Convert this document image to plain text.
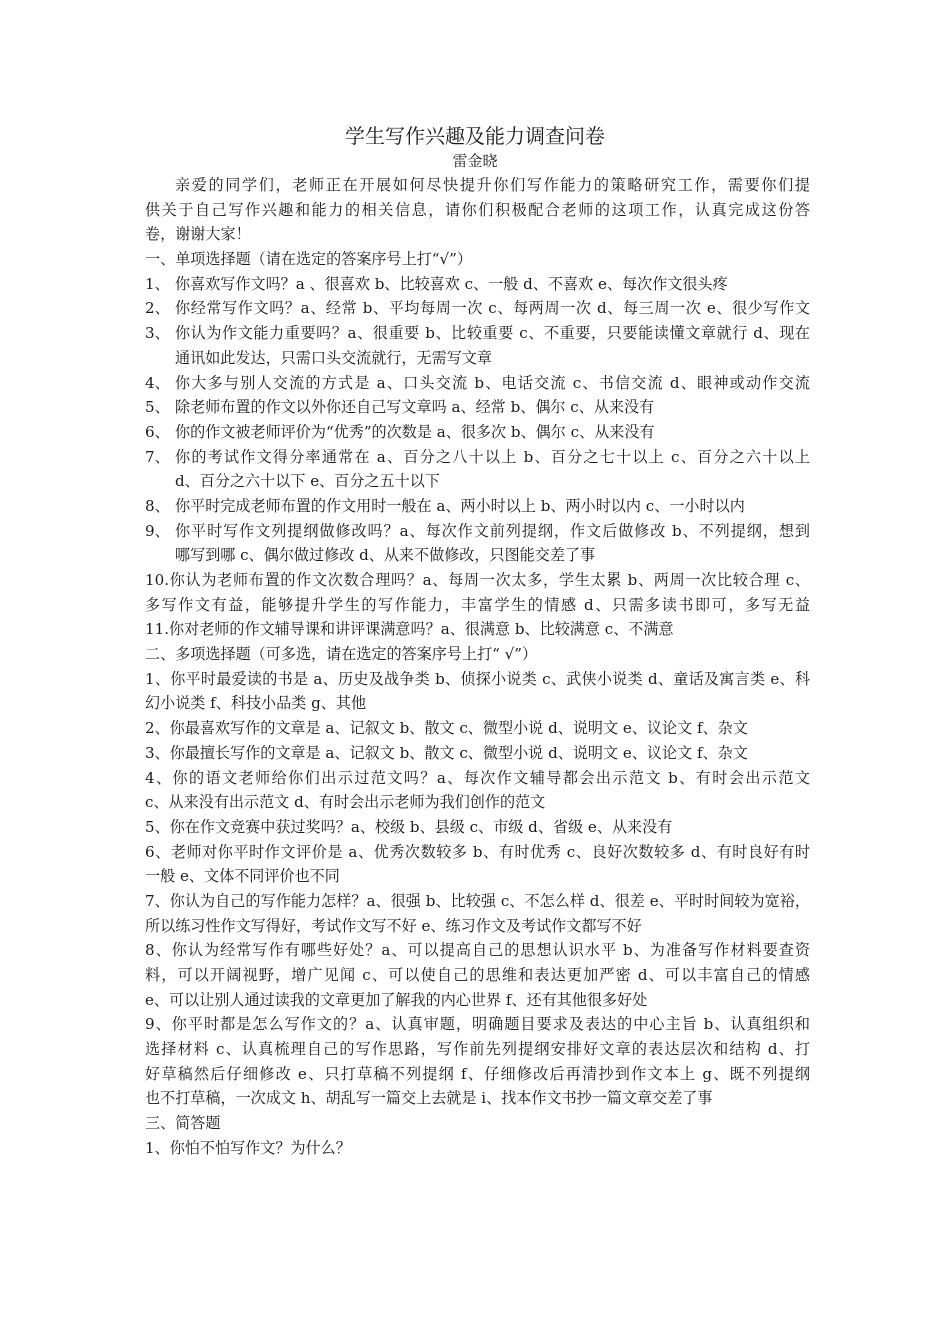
学生写作兴趣及能力调查问卷
雷金晓
亲爱的同学们，老师正在开展如何尽快提升你们写作能力的策略研究工作，需要你们提
供关于自己写作兴趣和能力的相关信息，请你们积极配合老师的这项工作，认真完成这份答
卷，谢谢大家！
一、单项选择题（请在选定的答案序号上打“√”）
1、 你喜欢写作文吗？a 、很喜欢 b、比较喜欢 c、一般 d、不喜欢 e、每次作文很头疼
2、 你经常写作文吗？a、经常 b、平均每周一次 c、每两周一次 d、每三周一次 e、很少写作文
3、 你认为作文能力重要吗？a、很重要 b、比较重要 c、不重要，只要能读懂文章就行 d、现在
通讯如此发达，只需口头交流就行，无需写文章
4、 你大多与别人交流的方式是 a、口头交流 b、电话交流 c、书信交流 d、眼神或动作交流
5、 除老师布置的作文以外你还自己写文章吗 a、经常 b、偶尔 c、从来没有
6、 你的作文被老师评价为“优秀”的次数是 a、很多次 b、偶尔 c、从来没有
7、 你的考试作文得分率通常在 a、百分之八十以上 b、百分之七十以上 c、百分之六十以上
d、百分之六十以下 e、百分之五十以下
8、 你平时完成老师布置的作文用时一般在 a、两小时以上 b、两小时以内 c、一小时以内
9、 你平时写作文列提纲做修改吗？a、每次作文前列提纲，作文后做修改 b、不列提纲，想到
哪写到哪 c、偶尔做过修改 d、从来不做修改，只图能交差了事
10.你认为老师布置的作文次数合理吗？a、每周一次太多，学生太累 b、两周一次比较合理 c、
多写作文有益，能够提升学生的写作能力，丰富学生的情感 d、只需多读书即可，多写无益
11.你对老师的作文辅导课和讲评课满意吗？a、很满意 b、比较满意 c、不满意
二、多项选择题（可多选，请在选定的答案序号上打“ √”）
1、你平时最爱读的书是 a、历史及战争类 b、侦探小说类 c、武侠小说类 d、童话及寓言类 e、科
幻小说类 f、科技小品类 g、其他
2、你最喜欢写作的文章是 a、记叙文 b、散文 c、微型小说 d、说明文 e、议论文 f、杂文
3、你最擅长写作的文章是 a、记叙文 b、散文 c、微型小说 d、说明文 e、议论文 f、杂文
4、你的语文老师给你们出示过范文吗？a、每次作文辅导都会出示范文 b、有时会出示范文
c、从来没有出示范文 d、有时会出示老师为我们创作的范文
5、你在作文竞赛中获过奖吗？a、校级 b、县级 c、市级 d、省级 e、从来没有
6、老师对你平时作文评价是 a、优秀次数较多 b、有时优秀 c、良好次数较多 d、有时良好有时
一般 e、文体不同评价也不同
7、你认为自己的写作能力怎样？a、很强 b、比较强 c、不怎么样 d、很差 e、平时时间较为宽裕，
所以练习性作文写得好，考试作文写不好 e、练习作文及考试作文都写不好
8、你认为经常写作有哪些好处？a、可以提高自己的思想认识水平 b、为准备写作材料要查资
料，可以开阔视野，增广见闻 c、可以使自己的思维和表达更加严密 d、可以丰富自己的情感
e、可以让别人通过读我的文章更加了解我的内心世界 f、还有其他很多好处
9、你平时都是怎么写作文的？a、认真审题，明确题目要求及表达的中心主旨 b、认真组织和
选择材料 c、认真梳理自己的写作思路，写作前先列提纲安排好文章的表达层次和结构 d、打
好草稿然后仔细修改 e、只打草稿不列提纲 f、仔细修改后再清抄到作文本上 g、既不列提纲
也不打草稿，一次成文 h、胡乱写一篇交上去就是 i、找本作文书抄一篇文章交差了事
三、简答题
1、你怕不怕写作文？为什么？
